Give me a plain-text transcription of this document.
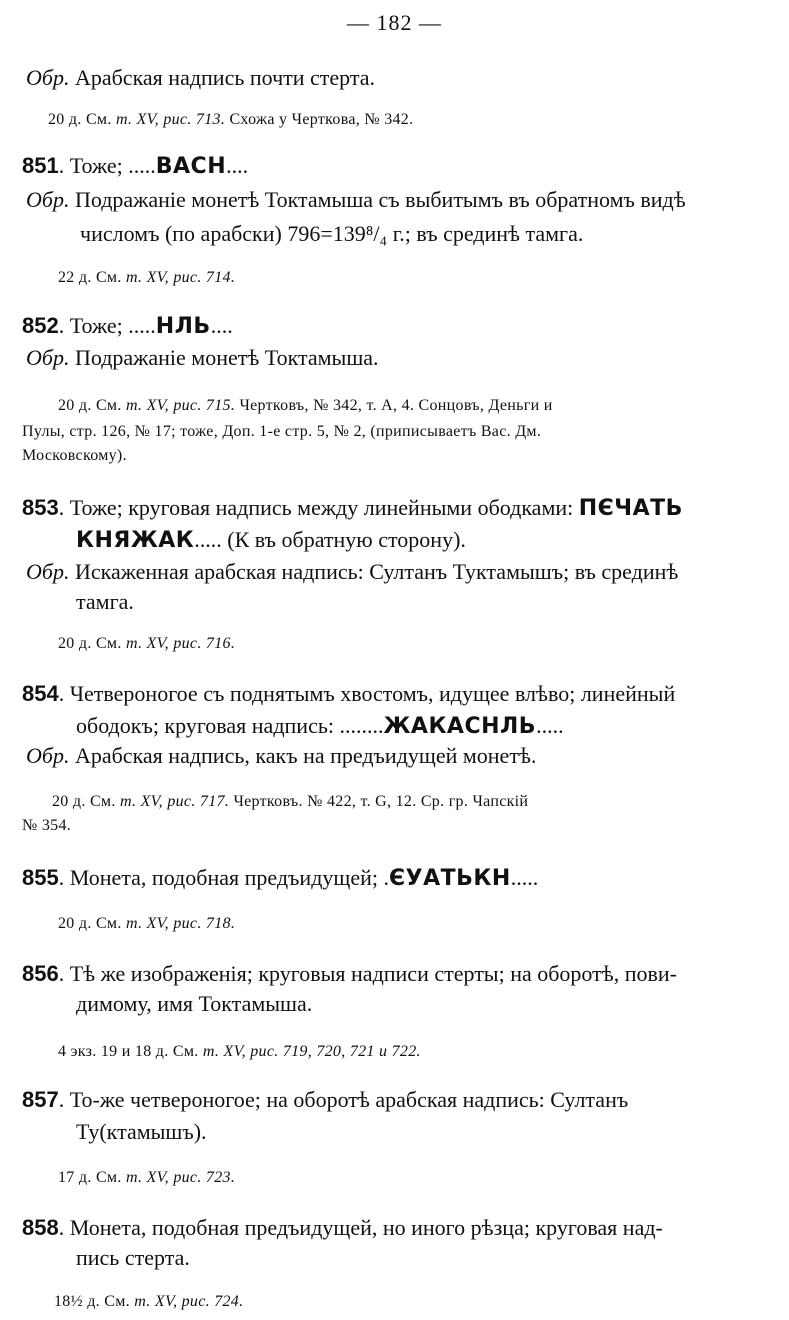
— 182 —
Обр. Арабская надпись почти стерта.
20 д. См. т. XV, рис. 713. Схожа у Черткова, № 342.
851. Тоже; .....ВАСН....
Обр. Подражаніе монетѣ Токтамыша съ выбитымъ въ обратномъ видѣ
числомъ (по арабски) 796=139⁸/₄ г.; въ срединѣ тамга.
22 д. См. т. XV, рис. 714.
852. Тоже; .....НЛЬ....
Обр. Подражаніе монетѣ Токтамыша.
20 д. См. т. XV, рис. 715. Чертковъ, № 342, т. А, 4. Сонцовъ, Деньги и
Пулы, стр. 126, № 17; тоже, Доп. 1-е стр. 5, № 2, (приписываетъ Вас. Дм.
Московскому).
853. Тоже; круговая надпись между линейными ободками: ПЄЧАТЬ
КНЯЖАК..... (К въ обратную сторону).
Обр. Искаженная арабская надпись: Султанъ Туктамышъ; въ срединѣ
тамга.
20 д. См. т. XV, рис. 716.
854. Четвероногое съ поднятымъ хвостомъ, идущее влѣво; линейный
ободокъ; круговая надпись: ........ЖАКАСНЛЬ.....
Обр. Арабская надпись, какъ на предъидущей монетѣ.
20 д. См. т. XV, рис. 717. Чертковъ. № 422, т. G, 12. Ср. гр. Чапскій
№ 354.
855. Монета, подобная предъидущей; .ЄУАТЬКН.....
20 д. См. т. XV, рис. 718.
856. Тѣ же изображенія; круговыя надписи стерты; на оборотѣ, пови-
димому, имя Токтамыша.
4 экз. 19 и 18 д. См. т. XV, рис. 719, 720, 721 и 722.
857. То-же четвероногое; на оборотѣ арабская надпись: Султанъ
Ту(ктамышъ).
17 д. См. т. XV, рис. 723.
858. Монета, подобная предъидущей, но иного рѣзца; круговая над-
пись стерта.
18½ д. См. т. XV, рис. 724.
